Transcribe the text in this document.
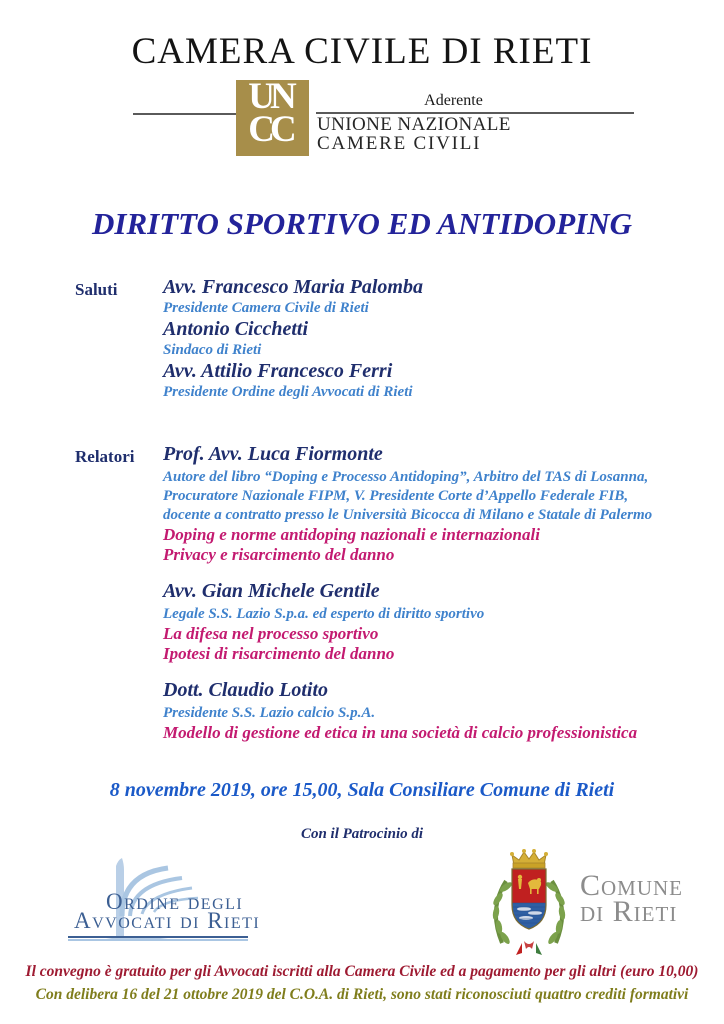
CAMERA CIVILE DI RIETI
UN
CC
Aderente
UNIONE NAZIONALE
CAMERE CIVILI
DIRITTO SPORTIVO ED ANTIDOPING
Saluti Avv. Francesco Maria Palomba
Presidente Camera Civile di Rieti
Antonio Cicchetti
Sindaco di Rieti
Avv. Attilio Francesco Ferri
Presidente Ordine degli Avvocati di Rieti
Relatori Prof. Avv. Luca Fiormonte
Autore del libro “Doping e Processo Antidoping”, Arbitro del TAS di Losanna,
Procuratore Nazionale FIPM, V. Presidente Corte d’Appello Federale FIB,
docente a contratto presso le Università Bicocca di Milano e Statale di Palermo
Doping e norme antidoping nazionali e internazionali
Privacy e risarcimento del danno
Avv. Gian Michele Gentile
Legale S.S. Lazio S.p.a. ed esperto di diritto sportivo
La difesa nel processo sportivo
Ipotesi di risarcimento del danno
Dott. Claudio Lotito
Presidente S.S. Lazio calcio S.p.A.
Modello di gestione ed etica in una società di calcio professionistica
8 novembre 2019, ore 15,00, Sala Consiliare Comune di Rieti
Con il Patrocinio di
Ordine degli
Avvocati di Rieti
Comune
di Rieti
Il convegno è gratuito per gli Avvocati iscritti alla Camera Civile ed a pagamento per gli altri (euro 10,00)
Con delibera 16 del 21 ottobre 2019 del C.O.A. di Rieti, sono stati riconosciuti quattro crediti formativi
